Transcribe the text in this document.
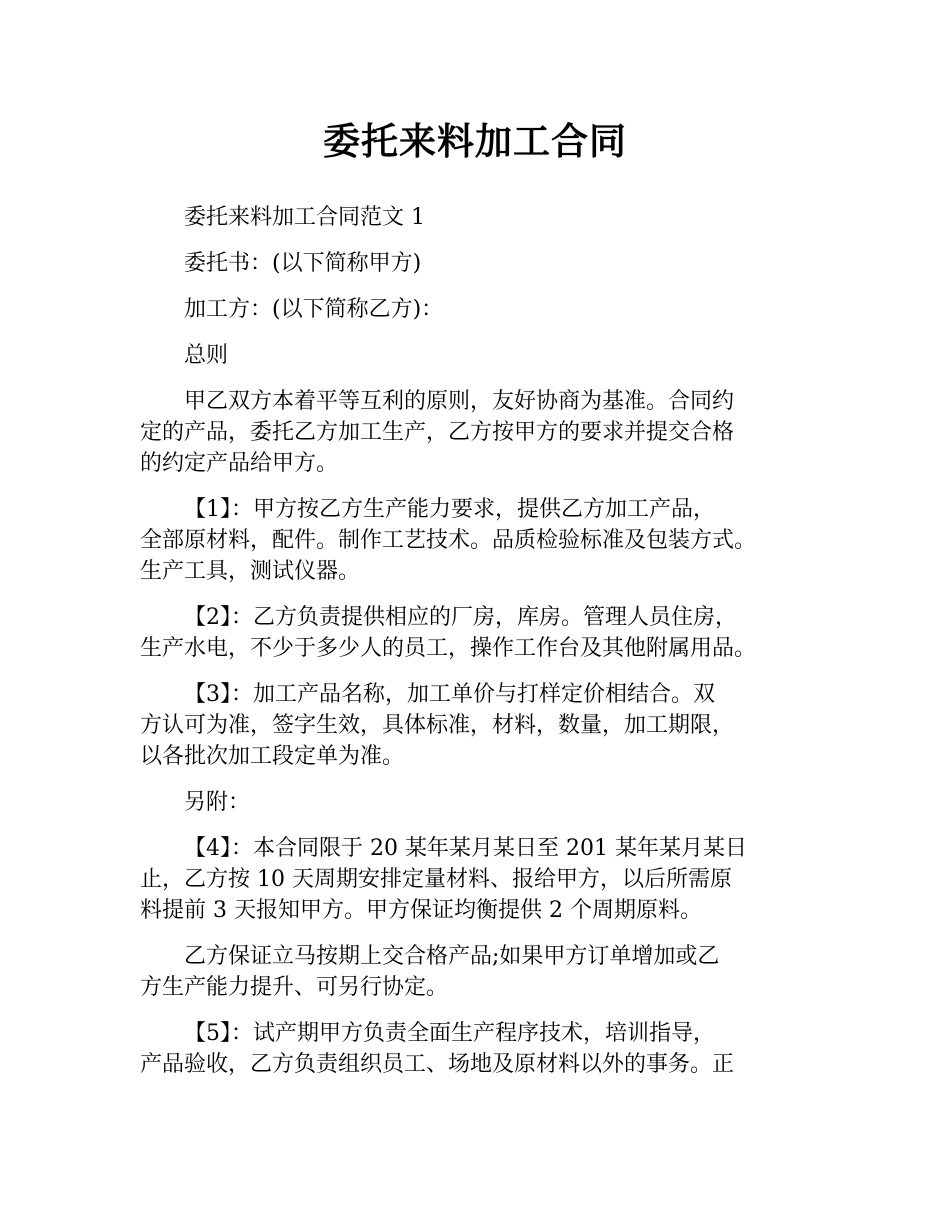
委托来料加工合同

委托来料加工合同范文 1

委托书：(以下简称甲方)

加工方：(以下简称乙方)：

总则

甲乙双方本着平等互利的原则，友好协商为基准。合同约
定的产品，委托乙方加工生产，乙方按甲方的要求并提交合格
的约定产品给甲方。

【1】：甲方按乙方生产能力要求，提供乙方加工产品，
全部原材料，配件。制作工艺技术。品质检验标准及包装方式。
生产工具，测试仪器。

【2】：乙方负责提供相应的厂房，库房。管理人员住房，
生产水电，不少于多少人的员工，操作工作台及其他附属用品。

【3】：加工产品名称，加工单价与打样定价相结合。双
方认可为准，签字生效，具体标准，材料，数量，加工期限，
以各批次加工段定单为准。

另附：

【4】：本合同限于 20 某年某月某日至 201 某年某月某日
止，乙方按 10 天周期安排定量材料、报给甲方，以后所需原
料提前 3 天报知甲方。甲方保证均衡提供 2 个周期原料。

乙方保证立马按期上交合格产品;如果甲方订单增加或乙
方生产能力提升、可另行协定。

【5】：试产期甲方负责全面生产程序技术，培训指导，
产品验收，乙方负责组织员工、场地及原材料以外的事务。正
